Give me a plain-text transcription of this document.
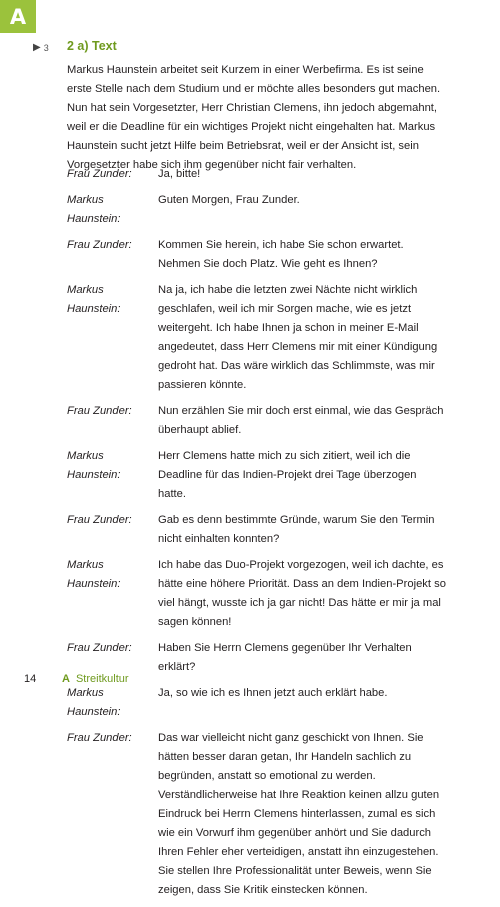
A
▶ 3 2 a) Text

Markus Haunstein arbeitet seit Kurzem in einer Werbefirma. Es ist seine erste Stelle nach dem Studium und er möchte alles besonders gut machen. Nun hat sein Vorgesetzter, Herr Christian Clemens, ihn jedoch abgemahnt, weil er die Deadline für ein wichtiges Projekt nicht eingehalten hat. Markus Haunstein sucht jetzt Hilfe beim Betriebsrat, weil er der Ansicht ist, sein Vorgesetzter habe sich ihm gegenüber nicht fair verhalten.

Frau Zunder:	Ja, bitte!
Markus Haunstein:
Guten Morgen, Frau Zunder.
Frau Zunder:	Kommen Sie herein, ich habe Sie schon erwartet. Nehmen Sie doch Platz. Wie geht es Ihnen?
Markus Haunstein:
Na ja, ich habe die letzten zwei Nächte nicht wirklich geschlafen, weil ich mir Sorgen mache, wie es jetzt weitergeht. Ich habe Ihnen ja schon in meiner E-Mail angedeutet, dass Herr Clemens mir mit einer Kündigung gedroht hat. Das wäre wirklich das Schlimmste, was mir passieren könnte.
Frau Zunder:	Nun erzählen Sie mir doch erst einmal, wie das Gespräch überhaupt ablief.
Markus Haunstein:
Herr Clemens hatte mich zu sich zitiert, weil ich die Deadline für das Indien-Projekt drei Tage überzogen hatte.
Frau Zunder:	Gab es denn bestimmte Gründe, warum Sie den Termin nicht einhalten konnten?
Markus Haunstein:
Ich habe das Duo-Projekt vorgezogen, weil ich dachte, es hätte eine höhere Priorität. Dass an dem Indien-Projekt so viel hängt, wusste ich ja gar nicht! Das hätte er mir ja mal sagen können!
Frau Zunder:	Haben Sie Herrn Clemens gegenüber Ihr Verhalten erklärt?
Markus Haunstein:
Ja, so wie ich es Ihnen jetzt auch erklärt habe.
Frau Zunder:	Das war vielleicht nicht ganz geschickt von Ihnen. Sie hätten besser daran getan, Ihr Handeln sachlich zu begründen, anstatt so emotional zu werden. Verständlicherweise hat Ihre Reaktion keinen allzu guten Eindruck bei Herrn Clemens hinterlassen, zumal es sich wie ein Vorwurf ihm gegenüber anhört und Sie dadurch Ihren Fehler eher verteidigen, anstatt ihn einzugestehen. Sie stellen Ihre Professionalität unter Beweis, wenn Sie zeigen, dass Sie Kritik einstecken können.
14	A Streitkultur
